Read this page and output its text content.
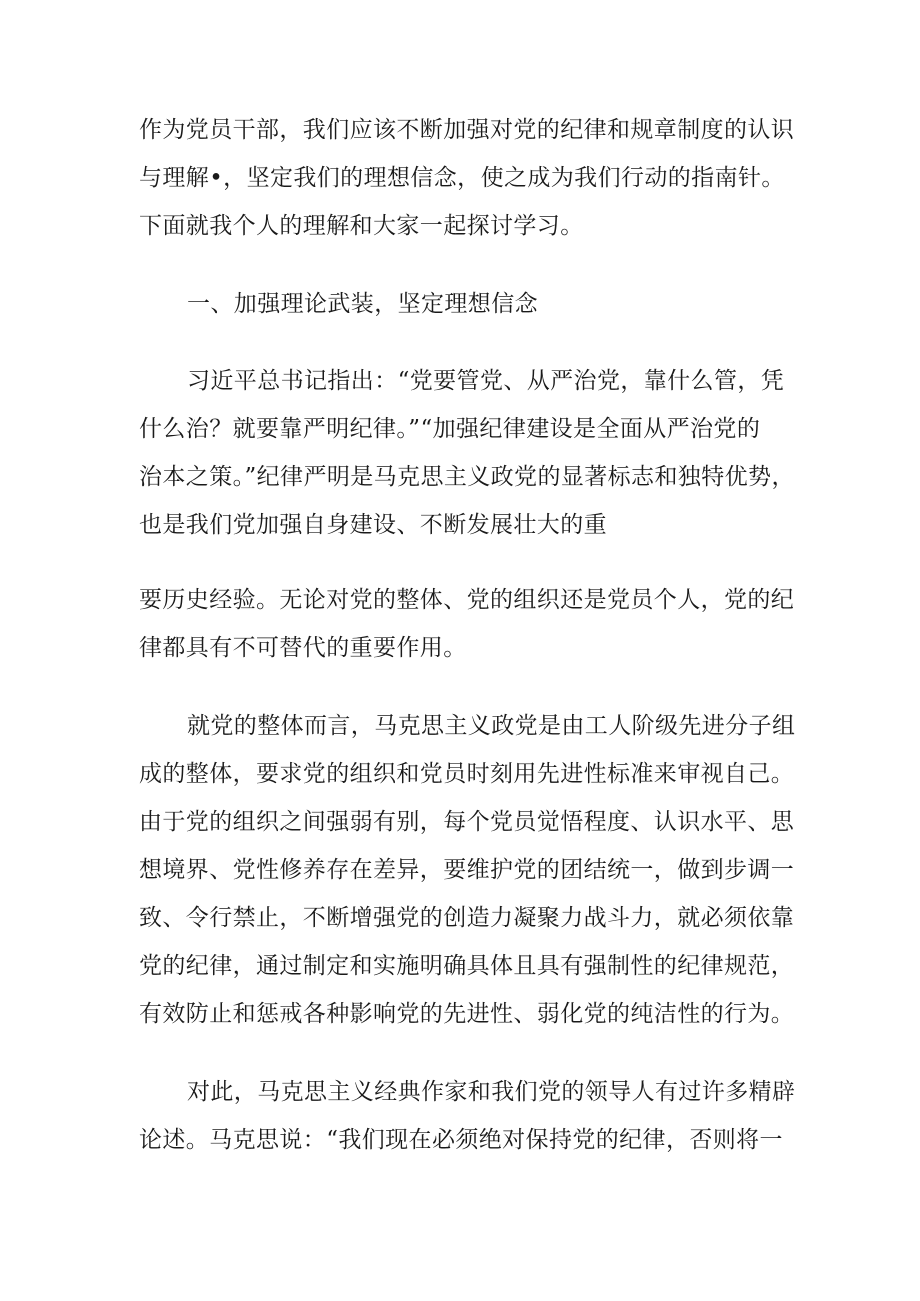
作为党员干部，我们应该不断加强对党的纪律和规章制度的认识
与理解•，坚定我们的理想信念，使之成为我们行动的指南针。
下面就我个人的理解和大家一起探讨学习。
一、加强理论武装，坚定理想信念
习近平总书记指出：“党要管党、从严治党，靠什么管，凭
什么治？就要靠严明纪律。”“加强纪律建设是全面从严治党的
治本之策。”纪律严明是马克思主义政党的显著标志和独特优势，
也是我们党加强自身建设、不断发展壮大的重
要历史经验。无论对党的整体、党的组织还是党员个人，党的纪
律都具有不可替代的重要作用。
就党的整体而言，马克思主义政党是由工人阶级先进分子组
成的整体，要求党的组织和党员时刻用先进性标准来审视自己。
由于党的组织之间强弱有别，每个党员觉悟程度、认识水平、思
想境界、党性修养存在差异，要维护党的团结统一，做到步调一
致、令行禁止，不断增强党的创造力凝聚力战斗力，就必须依靠
党的纪律，通过制定和实施明确具体且具有强制性的纪律规范，
有效防止和惩戒各种影响党的先进性、弱化党的纯洁性的行为。
对此，马克思主义经典作家和我们党的领导人有过许多精辟
论述。马克思说：“我们现在必须绝对保持党的纪律，否则将一
